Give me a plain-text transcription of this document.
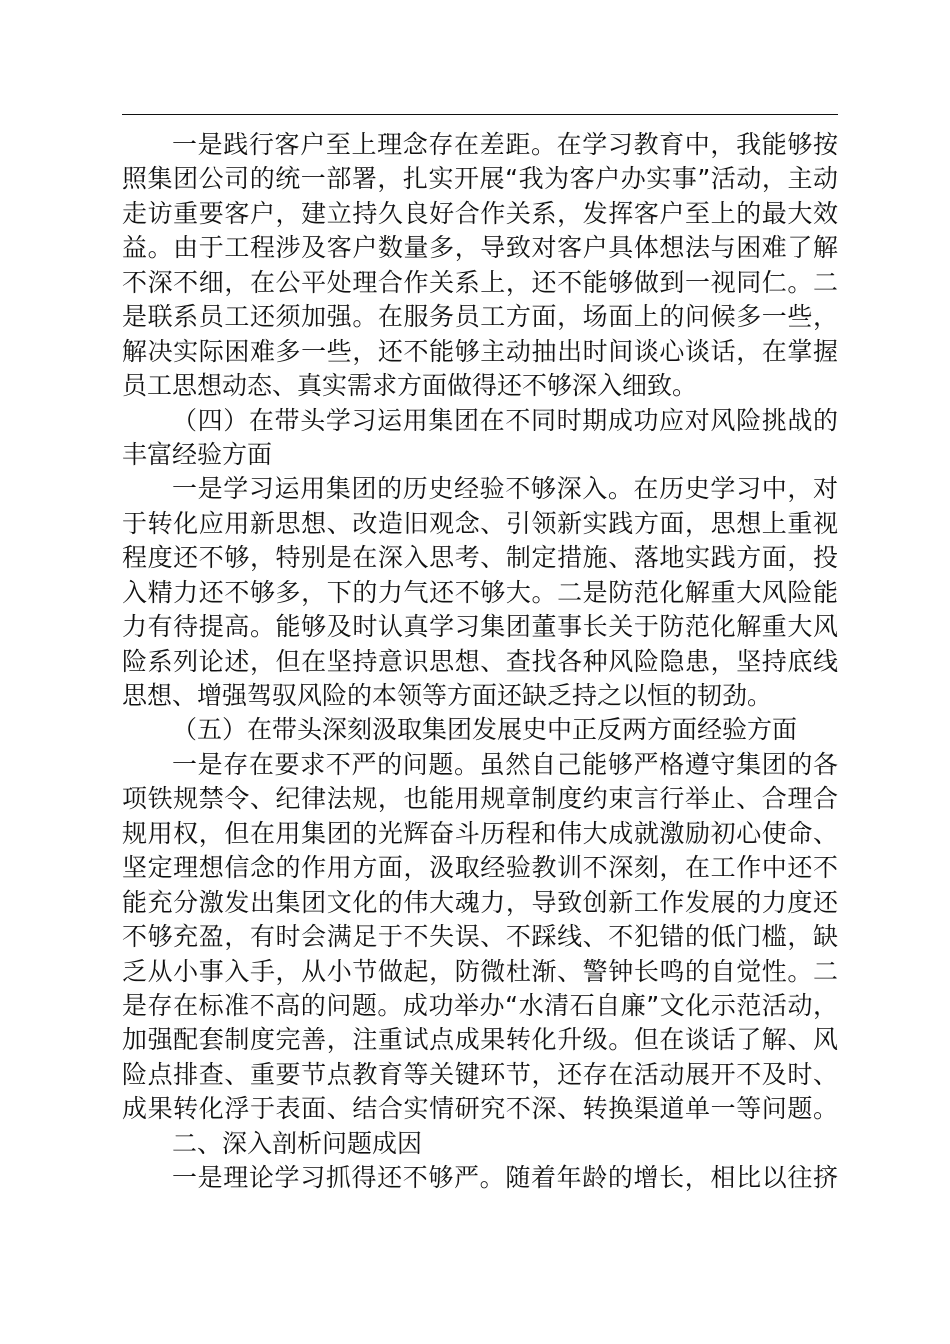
一是践行客户至上理念存在差距。在学习教育中，我能够按
照集团公司的统一部署，扎实开展“我为客户办实事”活动，主动
走访重要客户，建立持久良好合作关系，发挥客户至上的最大效
益。由于工程涉及客户数量多，导致对客户具体想法与困难了解
不深不细，在公平处理合作关系上，还不能够做到一视同仁。二
是联系员工还须加强。在服务员工方面，场面上的问候多一些，
解决实际困难多一些，还不能够主动抽出时间谈心谈话，在掌握
员工思想动态、真实需求方面做得还不够深入细致。
（四）在带头学习运用集团在不同时期成功应对风险挑战的
丰富经验方面
一是学习运用集团的历史经验不够深入。在历史学习中，对
于转化应用新思想、改造旧观念、引领新实践方面，思想上重视
程度还不够，特别是在深入思考、制定措施、落地实践方面，投
入精力还不够多，下的力气还不够大。二是防范化解重大风险能
力有待提高。能够及时认真学习集团董事长关于防范化解重大风
险系列论述，但在坚持意识思想、查找各种风险隐患，坚持底线
思想、增强驾驭风险的本领等方面还缺乏持之以恒的韧劲。
（五）在带头深刻汲取集团发展史中正反两方面经验方面
一是存在要求不严的问题。虽然自己能够严格遵守集团的各
项铁规禁令、纪律法规，也能用规章制度约束言行举止、合理合
规用权，但在用集团的光辉奋斗历程和伟大成就激励初心使命、
坚定理想信念的作用方面，汲取经验教训不深刻，在工作中还不
能充分激发出集团文化的伟大魂力，导致创新工作发展的力度还
不够充盈，有时会满足于不失误、不踩线、不犯错的低门槛，缺
乏从小事入手，从小节做起，防微杜渐、警钟长鸣的自觉性。二
是存在标准不高的问题。成功举办“水清石自廉”文化示范活动，
加强配套制度完善，注重试点成果转化升级。但在谈话了解、风
险点排查、重要节点教育等关键环节，还存在活动展开不及时、
成果转化浮于表面、结合实情研究不深、转换渠道单一等问题。
二、深入剖析问题成因
一是理论学习抓得还不够严。随着年龄的增长，相比以往挤
